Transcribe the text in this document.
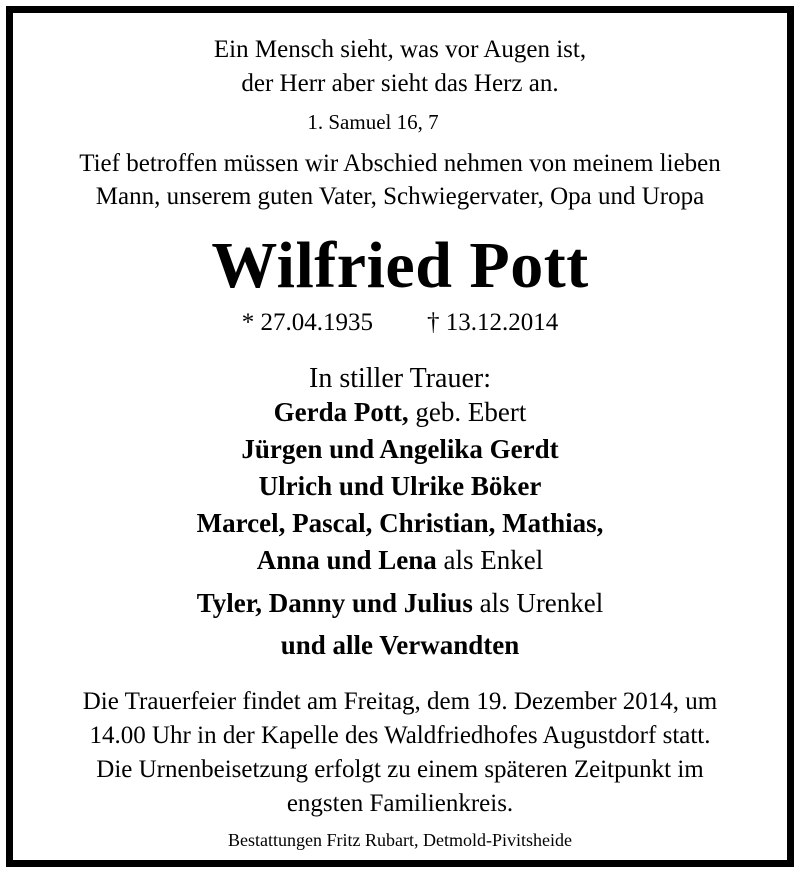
Ein Mensch sieht, was vor Augen ist,
der Herr aber sieht das Herz an.
1. Samuel 16, 7
Tief betroffen müssen wir Abschied nehmen von meinem lieben
Mann, unserem guten Vater, Schwiegervater, Opa und Uropa
Wilfried Pott
* 27.04.1935 † 13.12.2014
In stiller Trauer:
Gerda Pott, geb. Ebert
Jürgen und Angelika Gerdt
Ulrich und Ulrike Böker
Marcel, Pascal, Christian, Mathias,
Anna und Lena als Enkel
Tyler, Danny und Julius als Urenkel
und alle Verwandten
Die Trauerfeier findet am Freitag, dem 19. Dezember 2014, um
14.00 Uhr in der Kapelle des Waldfriedhofes Augustdorf statt.
Die Urnenbeisetzung erfolgt zu einem späteren Zeitpunkt im
engsten Familienkreis.
Bestattungen Fritz Rubart, Detmold-Pivitsheide
